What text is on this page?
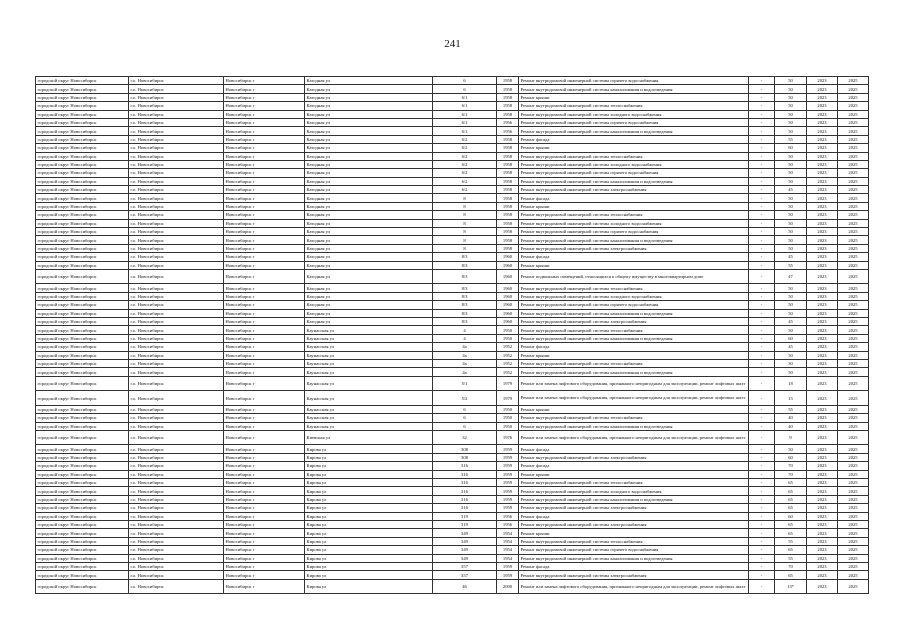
241
городской округ Новосибирск	г.о. Новосибирск	Новосибирск г	Катодная ул	6	1958	Ремонт внутридомовой инженерной системы горячего водоснабжения	-	50	2023	2025
городской округ Новосибирск	г.о. Новосибирск	Новосибирск г	Катодная ул	6	1958	Ремонт внутридомовой инженерной системы канализования и водоотведения	-	50	2023	2025
городской округ Новосибирск	г.о. Новосибирск	Новосибирск г	Катодная ул	6/1	1958	Ремонт крыши	-	50	2023	2025
городской округ Новосибирск	г.о. Новосибирск	Новосибирск г	Катодная ул	6/1	1958	Ремонт внутридомовой инженерной системы теплоснабжения	-	50	2023	2025
городской округ Новосибирск	г.о. Новосибирск	Новосибирск г	Катодная ул	6/1	1958	Ремонт внутридомовой инженерной системы холодного водоснабжения	-	50	2023	2025
городской округ Новосибирск	г.о. Новосибирск	Новосибирск г	Катодная ул	6/1	1956	Ремонт внутридомовой инженерной системы горячего водоснабжения	-	50	2023	2025
городской округ Новосибирск	г.о. Новосибирск	Новосибирск г	Катодная ул	6/1	1956	Ремонт внутридомовой инженерной системы канализования и водоотведения	-	50	2023	2025
городской округ Новосибирск	г.о. Новосибирск	Новосибирск г	Катодная ул	6/2	1958	Ремонт фасада	-	55	2023	2025
городской округ Новосибирск	г.о. Новосибирск	Новосибирск г	Катодная ул	6/2	1958	Ремонт крыши	-	60	2023	2025
городской округ Новосибирск	г.о. Новосибирск	Новосибирск г	Катодная ул	6/2	1958	Ремонт внутридомовой инженерной системы теплоснабжения	-	50	2023	2025
городской округ Новосибирск	г.о. Новосибирск	Новосибирск г	Катодная ул	6/2	1958	Ремонт внутридомовой инженерной системы холодного водоснабжения	-	50	2023	2025
городской округ Новосибирск	г.о. Новосибирск	Новосибирск г	Катодная ул	6/2	1958	Ремонт внутридомовой инженерной системы горячего водоснабжения	-	50	2023	2025
городской округ Новосибирск	г.о. Новосибирск	Новосибирск г	Катодная ул	6/2	1958	Ремонт внутридомовой инженерной системы канализования и водоотведения	-	50	2023	2025
городской округ Новосибирск	г.о. Новосибирск	Новосибирск г	Катодная ул	6/2	1958	Ремонт внутридомовой инженерной системы электроснабжения	-	45	2023	2025
городской округ Новосибирск	г.о. Новосибирск	Новосибирск г	Катодная ул	8	1958	Ремонт фасада	-	50	2023	2025
городской округ Новосибирск	г.о. Новосибирск	Новосибирск г	Катодная ул	8	1958	Ремонт крыши	-	50	2023	2025
городской округ Новосибирск	г.о. Новосибирск	Новосибирск г	Катодная ул	8	1958	Ремонт внутридомовой инженерной системы теплоснабжения	-	50	2023	2025
городской округ Новосибирск	г.о. Новосибирск	Новосибирск г	Катодная ул	8	1958	Ремонт внутридомовой инженерной системы холодного водоснабжения	-	50	2023	2025
городской округ Новосибирск	г.о. Новосибирск	Новосибирск г	Катодная ул	8	1958	Ремонт внутридомовой инженерной системы горячего водоснабжения	-	50	2023	2025
городской округ Новосибирск	г.о. Новосибирск	Новосибирск г	Катодная ул	8	1958	Ремонт внутридомовой инженерной системы канализования и водоотведения	-	50	2023	2025
городской округ Новосибирск	г.о. Новосибирск	Новосибирск г	Катодная ул	8	1958	Ремонт внутридомовой инженерной системы электроснабжения	-	50	2023	2025
городской округ Новосибирск	г.о. Новосибирск	Новосибирск г	Катодная ул	8/3	1960	Ремонт фасада	-	45	2023	2025
городской округ Новосибирск	г.о. Новосибирск	Новосибирск г	Катодная ул	8/3	1960	Ремонт крыши	-	55	2023	2025
городской округ Новосибирск	г.о. Новосибирск	Новосибирск г	Катодная ул	8/3	1960	Ремонт подвальных помещений, относящихся к общему имуществу в многоквартирном доме	-	47	2023	2025
городской округ Новосибирск	г.о. Новосибирск	Новосибирск г	Катодная ул	8/3	1960	Ремонт внутридомовой инженерной системы теплоснабжения	-	50	2023	2025
городской округ Новосибирск	г.о. Новосибирск	Новосибирск г	Катодная ул	8/3	1960	Ремонт внутридомовой инженерной системы холодного водоснабжения	-	50	2023	2025
городской округ Новосибирск	г.о. Новосибирск	Новосибирск г	Катодная ул	8/3	1960	Ремонт внутридомовой инженерной системы горячего водоснабжения	-	50	2023	2025
городской округ Новосибирск	г.о. Новосибирск	Новосибирск г	Катодная ул	8/3	1960	Ремонт внутридомовой инженерной системы канализования и водоотведения	-	50	2023	2025
городской округ Новосибирск	г.о. Новосибирск	Новосибирск г	Катодная ул	8/3	1960	Ремонт внутридомовой инженерной системы электроснабжения	-	45	2023	2025
городской округ Новосибирск	г.о. Новосибирск	Новосибирск г	Каунасская ул	4	1950	Ремонт внутридомовой инженерной системы теплоснабжения	-	50	2023	2025
городской округ Новосибирск	г.о. Новосибирск	Новосибирск г	Каунасская ул	4	1950	Ремонт внутридомовой инженерной системы канализования и водоотведения	-	60	2023	2025
городской округ Новосибирск	г.о. Новосибирск	Новосибирск г	Каунасская ул	4а	1952	Ремонт фасада	-	45	2023	2025
городской округ Новосибирск	г.о. Новосибирск	Новосибирск г	Каунасская ул	4а	1952	Ремонт крыши	-	50	2023	2025
городской округ Новосибирск	г.о. Новосибирск	Новосибирск г	Каунасская ул	4а	1952	Ремонт внутридомовой инженерной системы теплоснабжения	-	30	2023	2025
городской округ Новосибирск	г.о. Новосибирск	Новосибирск г	Каунасская ул	4а	1952	Ремонт внутридомовой инженерной системы канализования и водоотведения	-	50	2023	2025
городской округ Новосибирск	г.о. Новосибирск	Новосибирск г	Каунасская ул	5/1	1979	Ремонт или замена лифтового оборудования, признанного непригодным для эксплуатации, ремонт лифтовых шахт	-	18	2023	2025
городской округ Новосибирск	г.о. Новосибирск	Новосибирск г	Каунасская ул	5/2	1979	Ремонт или замена лифтового оборудования, признанного непригодным для эксплуатации, ремонт лифтовых шахт	-	15	2023	2025
городской округ Новосибирск	г.о. Новосибирск	Новосибирск г	Каунасская ул	6	1950	Ремонт крыши	-	55	2023	2025
городской округ Новосибирск	г.о. Новосибирск	Новосибирск г	Каунасская ул	6	1950	Ремонт внутридомовой инженерной системы теплоснабжения	-	40	2023	2025
городской округ Новосибирск	г.о. Новосибирск	Новосибирск г	Каунасская ул	6	1950	Ремонт внутридомовой инженерной системы канализования и водоотведения	-	40	2023	2025
городской округ Новосибирск	г.о. Новосибирск	Новосибирск г	Киевская ул	32	1976	Ремонт или замена лифтового оборудования, признанного непригодным для эксплуатации, ремонт лифтовых шахт	-	9	2023	2025
городской округ Новосибирск	г.о. Новосибирск	Новосибирск г	Кирова ул	308	1959	Ремонт фасада	-	50	2023	2025
городской округ Новосибирск	г.о. Новосибирск	Новосибирск г	Кирова ул	308	1959	Ремонт внутридомовой инженерной системы электроснабжения	-	60	2023	2025
городской округ Новосибирск	г.о. Новосибирск	Новосибирск г	Кирова ул	316	1959	Ремонт фасада	-	70	2023	2025
городской округ Новосибирск	г.о. Новосибирск	Новосибирск г	Кирова ул	316	1959	Ремонт крыши	-	70	2023	2025
городской округ Новосибирск	г.о. Новосибирск	Новосибирск г	Кирова ул	316	1959	Ремонт внутридомовой инженерной системы теплоснабжения	-	65	2023	2025
городской округ Новосибирск	г.о. Новосибирск	Новосибирск г	Кирова ул	316	1959	Ремонт внутридомовой инженерной системы холодного водоснабжения	-	65	2023	2025
городской округ Новосибирск	г.о. Новосибирск	Новосибирск г	Кирова ул	316	1959	Ремонт внутридомовой инженерной системы канализования и водоотведения	-	65	2023	2025
городской округ Новосибирск	г.о. Новосибирск	Новосибирск г	Кирова ул	316	1959	Ремонт внутридомовой инженерной системы электроснабжения	-	65	2023	2025
городской округ Новосибирск	г.о. Новосибирск	Новосибирск г	Кирова ул	319	1956	Ремонт фасада	-	60	2023	2025
городской округ Новосибирск	г.о. Новосибирск	Новосибирск г	Кирова ул	319	1956	Ремонт внутридомовой инженерной системы электроснабжения	-	65	2023	2025
городской округ Новосибирск	г.о. Новосибирск	Новосибирск г	Кирова ул	349	1954	Ремонт крыши	-	65	2023	2025
городской округ Новосибирск	г.о. Новосибирск	Новосибирск г	Кирова ул	349	1954	Ремонт внутридомовой инженерной системы теплоснабжения	-	55	2023	2025
городской округ Новосибирск	г.о. Новосибирск	Новосибирск г	Кирова ул	349	1954	Ремонт внутридомовой инженерной системы горячего водоснабжения	-	65	2023	2025
городской округ Новосибирск	г.о. Новосибирск	Новосибирск г	Кирова ул	349	1954	Ремонт внутридомовой инженерной системы канализования и водоотведения	-	55	2023	2025
городской округ Новосибирск	г.о. Новосибирск	Новосибирск г	Кирова ул	357	1959	Ремонт фасада	-	70	2023	2025
городской округ Новосибирск	г.о. Новосибирск	Новосибирск г	Кирова ул	357	1959	Ремонт внутридомовой инженерной системы электроснабжения	-	65	2023	2025
городской округ Новосибирск	г.о. Новосибирск	Новосибирск г	Кирова ул	46	2000	Ремонт или замена лифтового оборудования, признанного непригодным для эксплуатации, ремонт лифтовых шахт	-	13*	2023	2025
